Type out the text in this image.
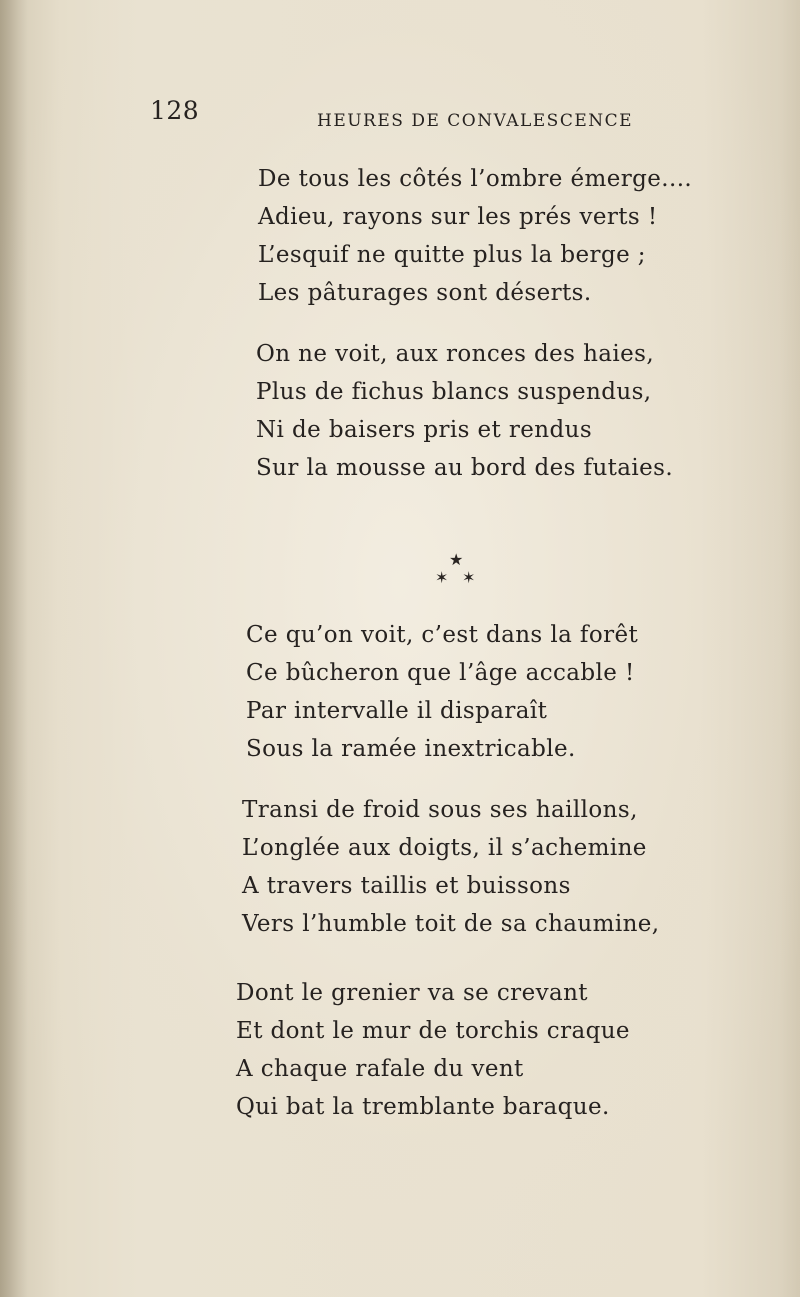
128	HEURES DE CONVALESCENCE

De tous les côtés l’ombre émerge....

Adieu, rayons sur les prés verts !

L’esquif ne quitte plus la berge ;

Les pâturages sont déserts.

On ne voit, aux ronces des haies,

Plus de fichus blancs suspendus,

Ni de baisers pris et rendus

Sur la mousse au bord des futaies.

★
✶ ✶

Ce qu’on voit, c’est dans la forêt

Ce bûcheron que l’âge accable !

Par intervalle il disparaît

Sous la ramée inextricable.

Transi de froid sous ses haillons,

L’onglée aux doigts, il s’achemine

A travers taillis et buissons

Vers l’humble toit de sa chaumine,

Dont le grenier va se crevant

Et dont le mur de torchis craque

A chaque rafale du vent

Qui bat la tremblante baraque.
